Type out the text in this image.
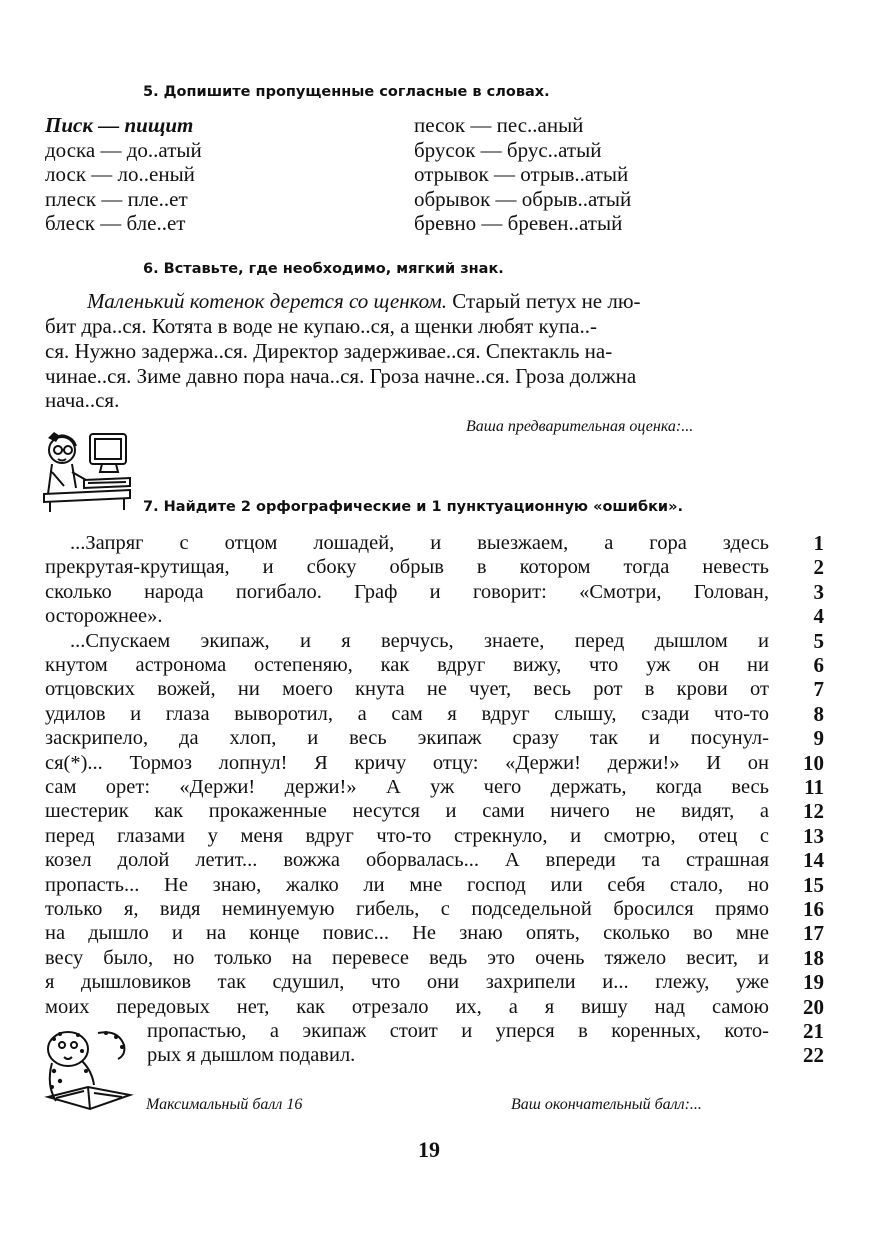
5. Допишите пропущенные согласные в словах.
Писк — пищит
доска — до..атый
лоск — ло..еный
плеск — пле..ет
блеск — бле..ет
песок — пес..аный
брусок — брус..атый
отрывок — отрыв..атый
обрывок — обрыв..атый
бревно — бревен..атый
6. Вставьте, где необходимо, мягкий знак.
Маленький котенок дерется со щенком. Старый петух не лю-
бит дра..ся. Котята в воде не купаю..ся, а щенки любят купа..-
ся. Нужно задержа..ся. Директор задерживае..ся. Спектакль на-
чинае..ся. Зиме давно пора нача..ся. Гроза начне..ся. Гроза должна
нача..ся.
Ваша предварительная оценка:...
7. Найдите 2 орфографические и 1 пунктуационную «ошибки».
...Запряг с отцом лошадей, и выезжаем, а гора здесь
прекрутая-крутищая, и сбоку обрыв в котором тогда невесть
сколько народа погибало. Граф и говорит: «Смотри, Голован,
осторожнее».
...Спускаем экипаж, и я верчусь, знаете, перед дышлом и
кнутом астронома остепеняю, как вдруг вижу, что уж он ни
отцовских вожей, ни моего кнута не чует, весь рот в крови от
удилов и глаза выворотил, а сам я вдруг слышу, сзади что-то
заскрипело, да хлоп, и весь экипаж сразу так и посунул-
ся(*)... Тормоз лопнул! Я кричу отцу: «Держи! держи!» И он
сам орет: «Держи! держи!» А уж чего держать, когда весь
шестерик как прокаженные несутся и сами ничего не видят, а
перед глазами у меня вдруг что-то стрекнуло, и смотрю, отец с
козел долой летит... вожжа оборвалась... А впереди та страшная
пропасть... Не знаю, жалко ли мне господ или себя стало, но
только я, видя неминуемую гибель, с подседельной бросился прямо
на дышло и на конце повис... Не знаю опять, сколько во мне
весу было, но только на перевесе ведь это очень тяжело весит, и
я дышловиков так сдушил, что они захрипели и... глежу, уже
моих передовых нет, как отрезало их, а я вишу над самою
пропастью, а экипаж стоит и уперся в коренных, кото-
рых я дышлом подавил.
1
2
3
4
5
6
7
8
9
10
11
12
13
14
15
16
17
18
19
20
21
22
Максимальный балл 16	Ваш окончательный балл:...
19
